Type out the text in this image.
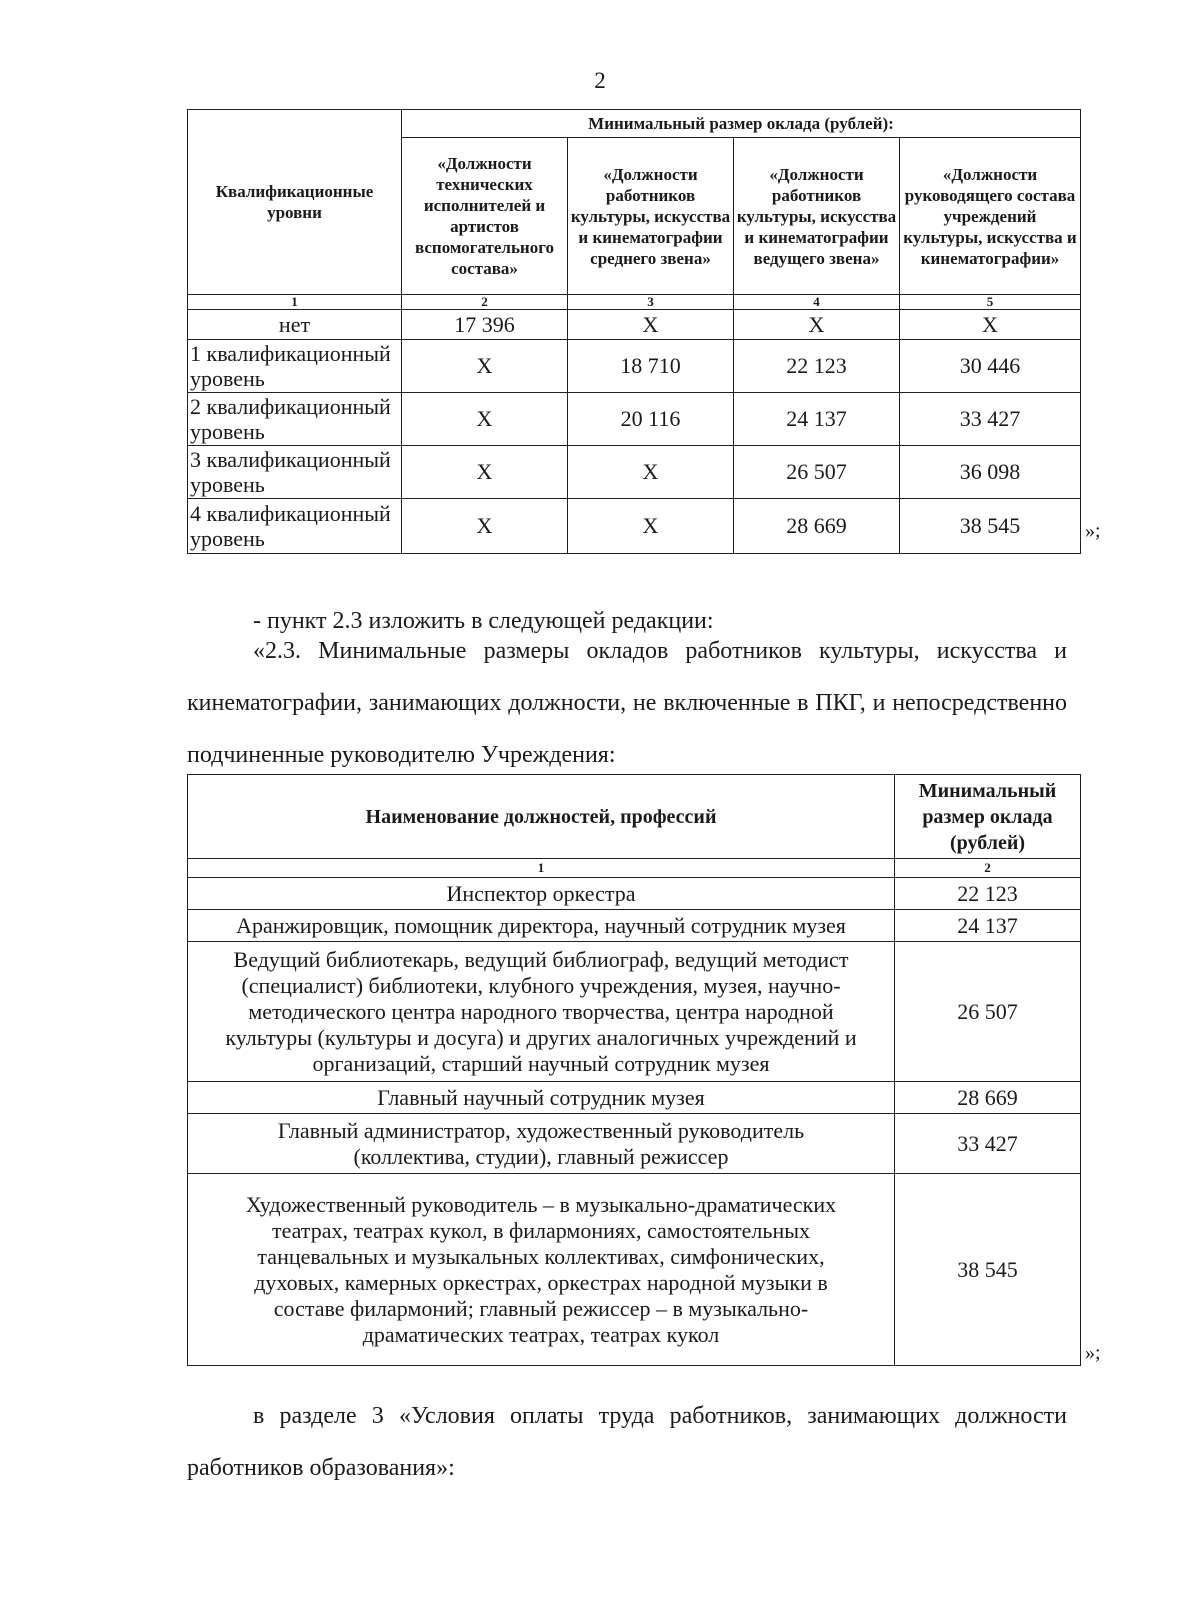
2
Квалификационные уровни	Минимальный размер оклада (рублей):			
	«Должности технических исполнителей и артистов вспомогательного состава»	«Должности работников культуры, искусства и кинематографии среднего звена»	«Должности работников культуры, искусства и кинематографии ведущего звена»	«Должности руководящего состава учреждений культуры, искусства и кинематографии»
1	2	3	4	5
нет	17 396	Х	Х	Х
1 квалификационный уровень	Х	18 710	22 123	30 446
2 квалификационный уровень	Х	20 116	24 137	33 427
3 квалификационный уровень	Х	Х	26 507	36 098
4 квалификационный уровень	Х	Х	28 669	38 545	»;

- пункт 2.3 изложить в следующей редакции:

«2.3. Минимальные размеры окладов работников культуры, искусства и кинематографии, занимающих должности, не включенные в ПКГ, и непосредственно подчиненные руководителю Учреждения:

Наименование должностей, профессий	Минимальный размер оклада (рублей)
1	2
Инспектор оркестра	22 123
Аранжировщик, помощник директора, научный сотрудник музея	24 137
Ведущий библиотекарь, ведущий библиограф, ведущий методист (специалист) библиотеки, клубного учреждения, музея, научно-методического центра народного творчества, центра народной культуры (культуры и досуга) и других аналогичных учреждений и организаций, старший научный сотрудник музея	26 507
Главный научный сотрудник музея	28 669
Главный администратор, художественный руководитель (коллектива, студии), главный режиссер	33 427
Художественный руководитель – в музыкально-драматических театрах, театрах кукол, в филармониях, самостоятельных танцевальных и музыкальных коллективах, симфонических, духовых, камерных оркестрах, оркестрах народной музыки в составе филармоний; главный режиссер – в музыкально-драматических театрах, театрах кукол	38 545
»;

в разделе 3 «Условия оплаты труда работников, занимающих должности работников образования»:
